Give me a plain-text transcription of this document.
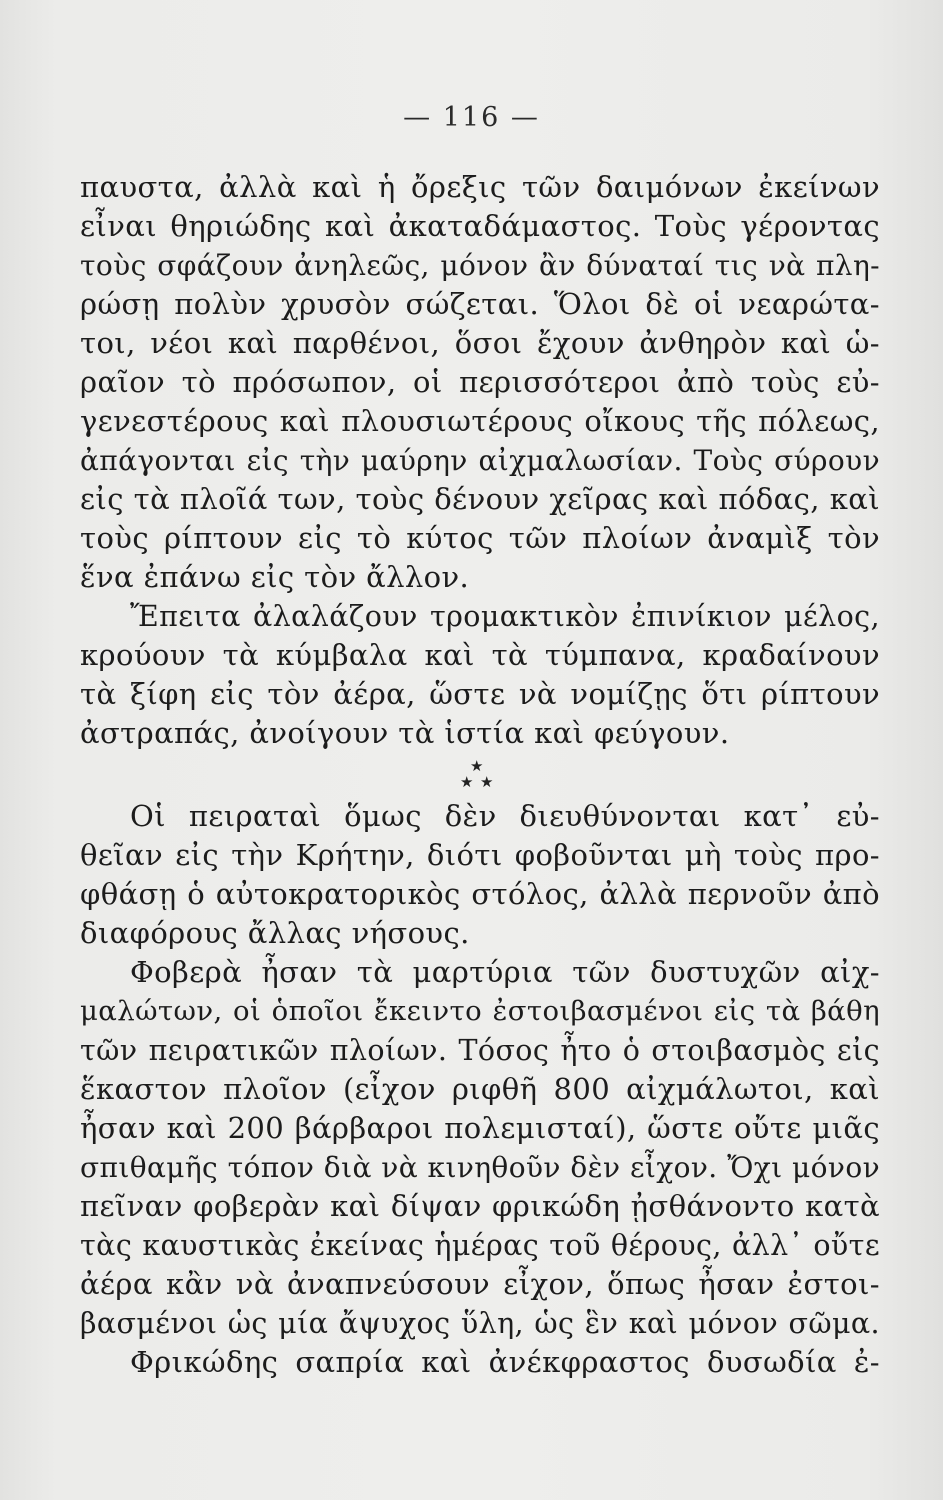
— 116 —
παυστα, ἀλλὰ καὶ ἡ ὄρεξις τῶν δαιμόνων ἐκείνων
εἶναι θηριώδης καὶ ἀκαταδάμαστος. Τοὺς γέροντας
τοὺς σφάζουν ἀνηλεῶς, μόνον ἂν δύναταί τις νὰ πλη-
ρώσῃ πολὺν χρυσὸν σώζεται. Ὅλοι δὲ οἱ νεαρώτα-
τοι, νέοι καὶ παρθένοι, ὅσοι ἔχουν ἀνθηρὸν καὶ ὡ-
ραῖον τὸ πρόσωπον, οἱ περισσότεροι ἀπὸ τοὺς εὐ-
γενεστέρους καὶ πλουσιωτέρους οἴκους τῆς πόλεως,
ἀπάγονται εἰς τὴν μαύρην αἰχμαλωσίαν. Τοὺς σύρουν
εἰς τὰ πλοῖά των, τοὺς δένουν χεῖρας καὶ πόδας, καὶ
τοὺς ρίπτουν εἰς τὸ κύτος τῶν πλοίων ἀναμὶξ τὸν
ἕνα ἐπάνω εἰς τὸν ἄλλον.
Ἔπειτα ἀλαλάζουν τρομακτικὸν ἐπινίκιον μέλος,
κρούουν τὰ κύμβαλα καὶ τὰ τύμπανα, κραδαίνουν
τὰ ξίφη εἰς τὸν ἀέρα, ὥστε νὰ νομίζῃς ὅτι ρίπτουν
ἀστραπάς, ἀνοίγουν τὰ ἱστία καὶ φεύγουν.
★
★ ★
Οἱ πειραταὶ ὅμως δὲν διευθύνονται κατ᾽ εὐ-
θεῖαν εἰς τὴν Κρήτην, διότι φοβοῦνται μὴ τοὺς προ-
φθάσῃ ὁ αὐτοκρατορικὸς στόλος, ἀλλὰ περνοῦν ἀπὸ
διαφόρους ἄλλας νήσους.
Φοβερὰ ἦσαν τὰ μαρτύρια τῶν δυστυχῶν αἰχ-
μαλώτων, οἱ ὁποῖοι ἔκειντο ἐστοιβασμένοι εἰς τὰ βάθη
τῶν πειρατικῶν πλοίων. Τόσος ἦτο ὁ στοιβασμὸς εἰς
ἕκαστον πλοῖον (εἶχον ριφθῆ 800 αἰχμάλωτοι, καὶ
ἦσαν καὶ 200 βάρβαροι πολεμισταί), ὥστε οὔτε μιᾶς
σπιθαμῆς τόπον διὰ νὰ κινηθοῦν δὲν εἶχον. Ὄχι μόνον
πεῖναν φοβερὰν καὶ δίψαν φρικώδη ᾐσθάνοντο κατὰ
τὰς καυστικὰς ἐκείνας ἡμέρας τοῦ θέρους, ἀλλ᾽ οὔτε
ἀέρα κἂν νὰ ἀναπνεύσουν εἶχον, ὅπως ἦσαν ἐστοι-
βασμένοι ὡς μία ἄψυχος ὕλη, ὡς ἓν καὶ μόνον σῶμα.
Φρικώδης σαπρία καὶ ἀνέκφραστος δυσωδία ἐ-
